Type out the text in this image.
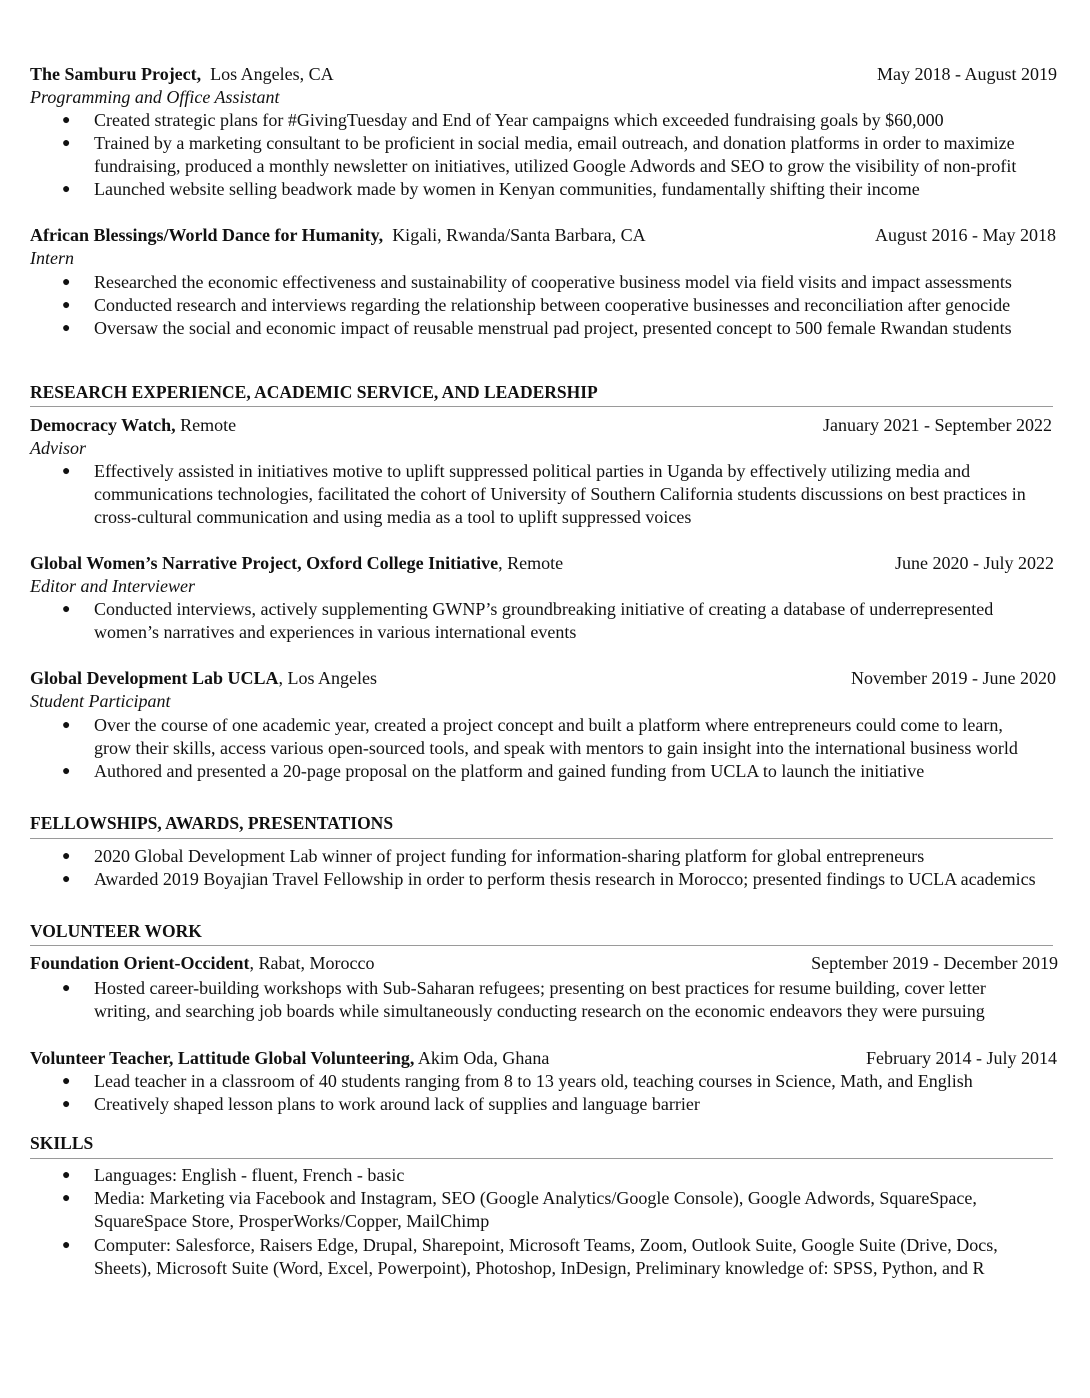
The Samburu Project, Los Angeles, CA	May 2018 - August 2019
Programming and Office Assistant
● Created strategic plans for #GivingTuesday and End of Year campaigns which exceeded fundraising goals by $60,000
● Trained by a marketing consultant to be proficient in social media, email outreach, and donation platforms in order to maximize
fundraising, produced a monthly newsletter on initiatives, utilized Google Adwords and SEO to grow the visibility of non-profit
● Launched website selling beadwork made by women in Kenyan communities, fundamentally shifting their income
African Blessings/World Dance for Humanity, Kigali, Rwanda/Santa Barbara, CA	August 2016 - May 2018
Intern
● Researched the economic effectiveness and sustainability of cooperative business model via field visits and impact assessments
● Conducted research and interviews regarding the relationship between cooperative businesses and reconciliation after genocide
● Oversaw the social and economic impact of reusable menstrual pad project, presented concept to 500 female Rwandan students
RESEARCH EXPERIENCE, ACADEMIC SERVICE, AND LEADERSHIP
Democracy Watch, Remote	January 2021 - September 2022
Advisor
● Effectively assisted in initiatives motive to uplift suppressed political parties in Uganda by effectively utilizing media and
communications technologies, facilitated the cohort of University of Southern California students discussions on best practices in
cross-cultural communication and using media as a tool to uplift suppressed voices
Global Women’s Narrative Project, Oxford College Initiative, Remote	June 2020 - July 2022
Editor and Interviewer
● Conducted interviews, actively supplementing GWNP’s groundbreaking initiative of creating a database of underrepresented
women’s narratives and experiences in various international events
Global Development Lab UCLA, Los Angeles	November 2019 - June 2020
Student Participant
● Over the course of one academic year, created a project concept and built a platform where entrepreneurs could come to learn,
grow their skills, access various open-sourced tools, and speak with mentors to gain insight into the international business world
● Authored and presented a 20-page proposal on the platform and gained funding from UCLA to launch the initiative
FELLOWSHIPS, AWARDS, PRESENTATIONS
● 2020 Global Development Lab winner of project funding for information-sharing platform for global entrepreneurs
● Awarded 2019 Boyajian Travel Fellowship in order to perform thesis research in Morocco; presented findings to UCLA academics
VOLUNTEER WORK
Foundation Orient-Occident, Rabat, Morocco	September 2019 - December 2019
● Hosted career-building workshops with Sub-Saharan refugees; presenting on best practices for resume building, cover letter
writing, and searching job boards while simultaneously conducting research on the economic endeavors they were pursuing
Volunteer Teacher, Lattitude Global Volunteering, Akim Oda, Ghana	February 2014 - July 2014
● Lead teacher in a classroom of 40 students ranging from 8 to 13 years old, teaching courses in Science, Math, and English
● Creatively shaped lesson plans to work around lack of supplies and language barrier
SKILLS
● Languages: English - fluent, French - basic
● Media: Marketing via Facebook and Instagram, SEO (Google Analytics/Google Console), Google Adwords, SquareSpace,
SquareSpace Store, ProsperWorks/Copper, MailChimp
● Computer: Salesforce, Raisers Edge, Drupal, Sharepoint, Microsoft Teams, Zoom, Outlook Suite, Google Suite (Drive, Docs,
Sheets), Microsoft Suite (Word, Excel, Powerpoint), Photoshop, InDesign, Preliminary knowledge of: SPSS, Python, and R
